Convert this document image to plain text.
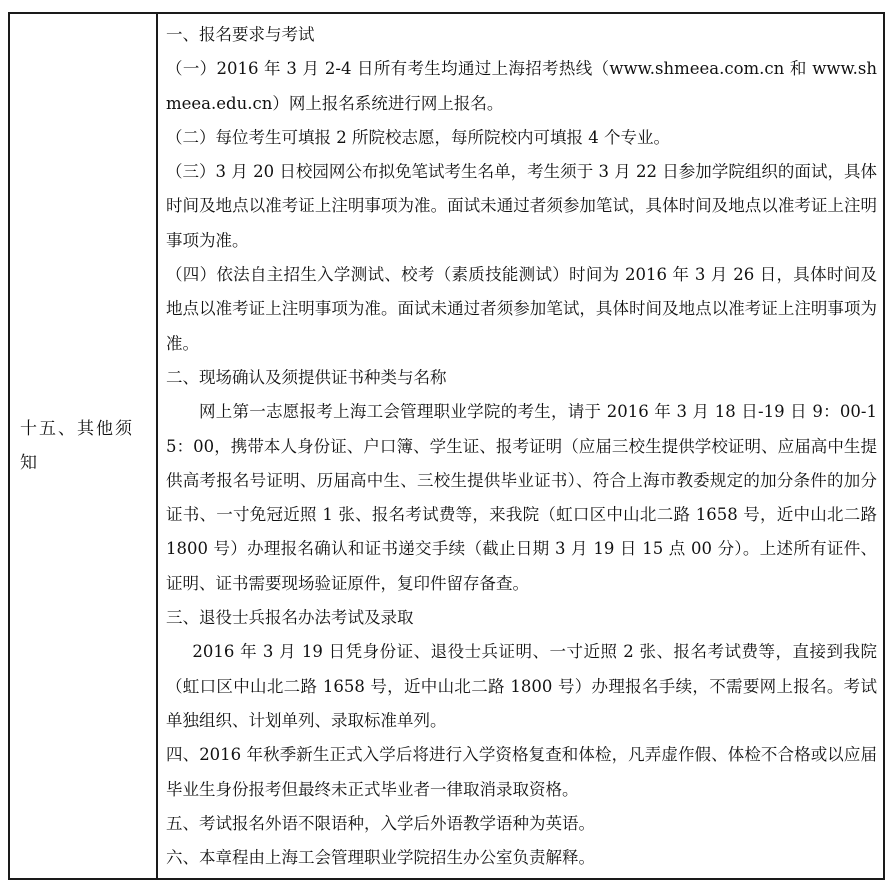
十五、其他须知

一、报名要求与考试

（一）2016 年 3 月 2-4 日所有考生均通过上海招考热线（www.shmeea.com.cn 和 www.shmeea.edu.cn）网上报名系统进行网上报名。

（二）每位考生可填报 2 所院校志愿，每所院校内可填报 4 个专业。

（三）3 月 20 日校园网公布拟免笔试考生名单，考生须于 3 月 22 日参加学院组织的面试，具体时间及地点以准考证上注明事项为准。面试未通过者须参加笔试，具体时间及地点以准考证上注明事项为准。

（四）依法自主招生入学测试、校考（素质技能测试）时间为 2016 年 3 月 26 日，具体时间及地点以准考证上注明事项为准。面试未通过者须参加笔试，具体时间及地点以准考证上注明事项为准。

二、现场确认及须提供证书种类与名称

网上第一志愿报考上海工会管理职业学院的考生，请于 2016 年 3 月 18 日-19 日 9：00-15：00，携带本人身份证、户口簿、学生证、报考证明（应届三校生提供学校证明、应届高中生提供高考报名号证明、历届高中生、三校生提供毕业证书）、符合上海市教委规定的加分条件的加分证书、一寸免冠近照 1 张、报名考试费等，来我院（虹口区中山北二路 1658 号，近中山北二路 1800 号）办理报名确认和证书递交手续（截止日期 3 月 19 日 15 点 00 分）。上述所有证件、证明、证书需要现场验证原件，复印件留存备查。

三、退役士兵报名办法考试及录取

2016 年 3 月 19 日凭身份证、退役士兵证明、一寸近照 2 张、报名考试费等，直接到我院（虹口区中山北二路 1658 号，近中山北二路 1800 号）办理报名手续，不需要网上报名。考试单独组织、计划单列、录取标准单列。

四、2016 年秋季新生正式入学后将进行入学资格复查和体检，凡弄虚作假、体检不合格或以应届毕业生身份报考但最终未正式毕业者一律取消录取资格。

五、考试报名外语不限语种，入学后外语教学语种为英语。

六、本章程由上海工会管理职业学院招生办公室负责解释。
